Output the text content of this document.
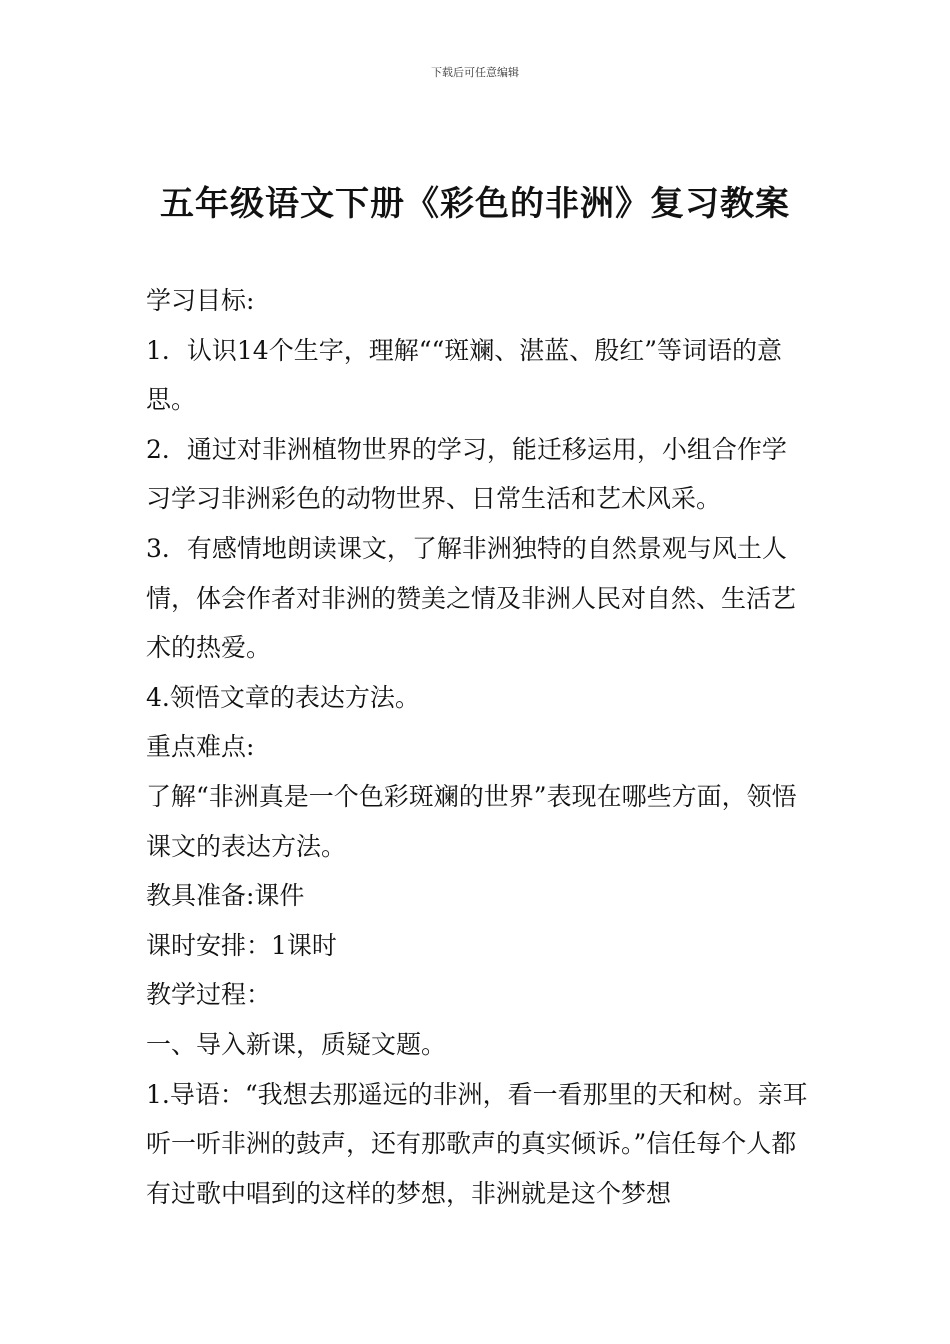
下载后可任意编辑
五年级语文下册《彩色的非洲》复习教案

学习目标:

1．认识14个生字，理解““斑斓、湛蓝、殷红”等词语的意思。

2．通过对非洲植物世界的学习，能迁移运用，小组合作学习学习非洲彩色的动物世界、日常生活和艺术风采。

3．有感情地朗读课文，了解非洲独特的自然景观与风土人情，体会作者对非洲的赞美之情及非洲人民对自然、生活艺术的热爱。

4.领悟文章的表达方法。

重点难点:

了解“非洲真是一个色彩斑斓的世界”表现在哪些方面，领悟课文的表达方法。

教具准备:课件

课时安排：1课时

教学过程：

一、导入新课，质疑文题。

1.导语：“我想去那遥远的非洲，看一看那里的天和树。亲耳听一听非洲的鼓声，还有那歌声的真实倾诉。”信任每个人都有过歌中唱到的这样的梦想，非洲就是这个梦想
